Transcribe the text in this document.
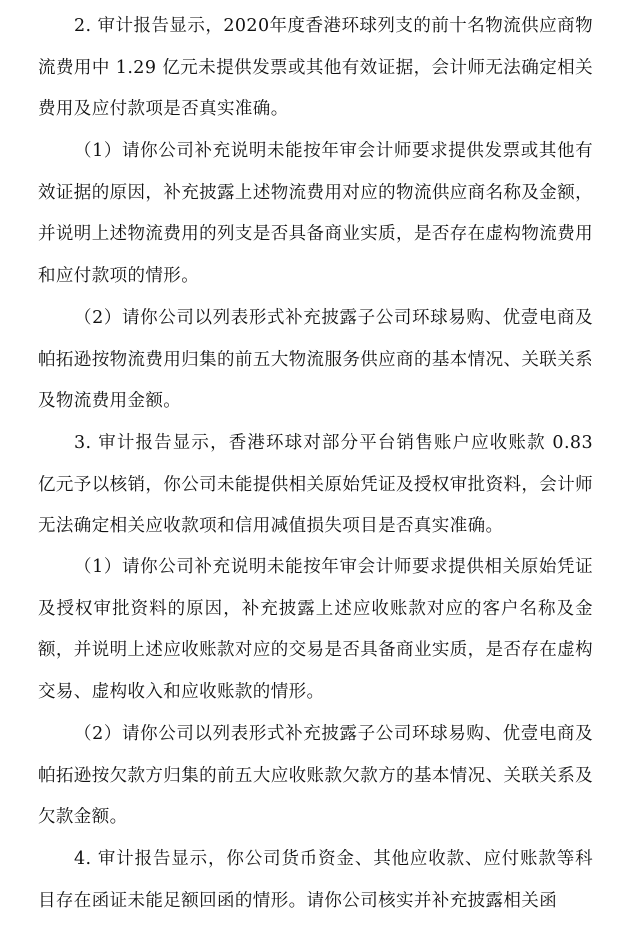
2. 审计报告显示，2020年度香港环球列支的前十名物流供应商物流费用中 1.29 亿元未提供发票或其他有效证据，会计师无法确定相关费用及应付款项是否真实准确。

（1）请你公司补充说明未能按年审会计师要求提供发票或其他有效证据的原因，补充披露上述物流费用对应的物流供应商名称及金额，并说明上述物流费用的列支是否具备商业实质，是否存在虚构物流费用和应付款项的情形。

（2）请你公司以列表形式补充披露子公司环球易购、优壹电商及帕拓逊按物流费用归集的前五大物流服务供应商的基本情况、关联关系及物流费用金额。

3. 审计报告显示，香港环球对部分平台销售账户应收账款 0.83 亿元予以核销，你公司未能提供相关原始凭证及授权审批资料，会计师无法确定相关应收款项和信用减值损失项目是否真实准确。

（1）请你公司补充说明未能按年审会计师要求提供相关原始凭证及授权审批资料的原因，补充披露上述应收账款对应的客户名称及金额，并说明上述应收账款对应的交易是否具备商业实质，是否存在虚构交易、虚构收入和应收账款的情形。

（2）请你公司以列表形式补充披露子公司环球易购、优壹电商及帕拓逊按欠款方归集的前五大应收账款欠款方的基本情况、关联关系及欠款金额。

4. 审计报告显示，你公司货币资金、其他应收款、应付账款等科目存在函证未能足额回函的情形。请你公司核实并补充披露相关函
